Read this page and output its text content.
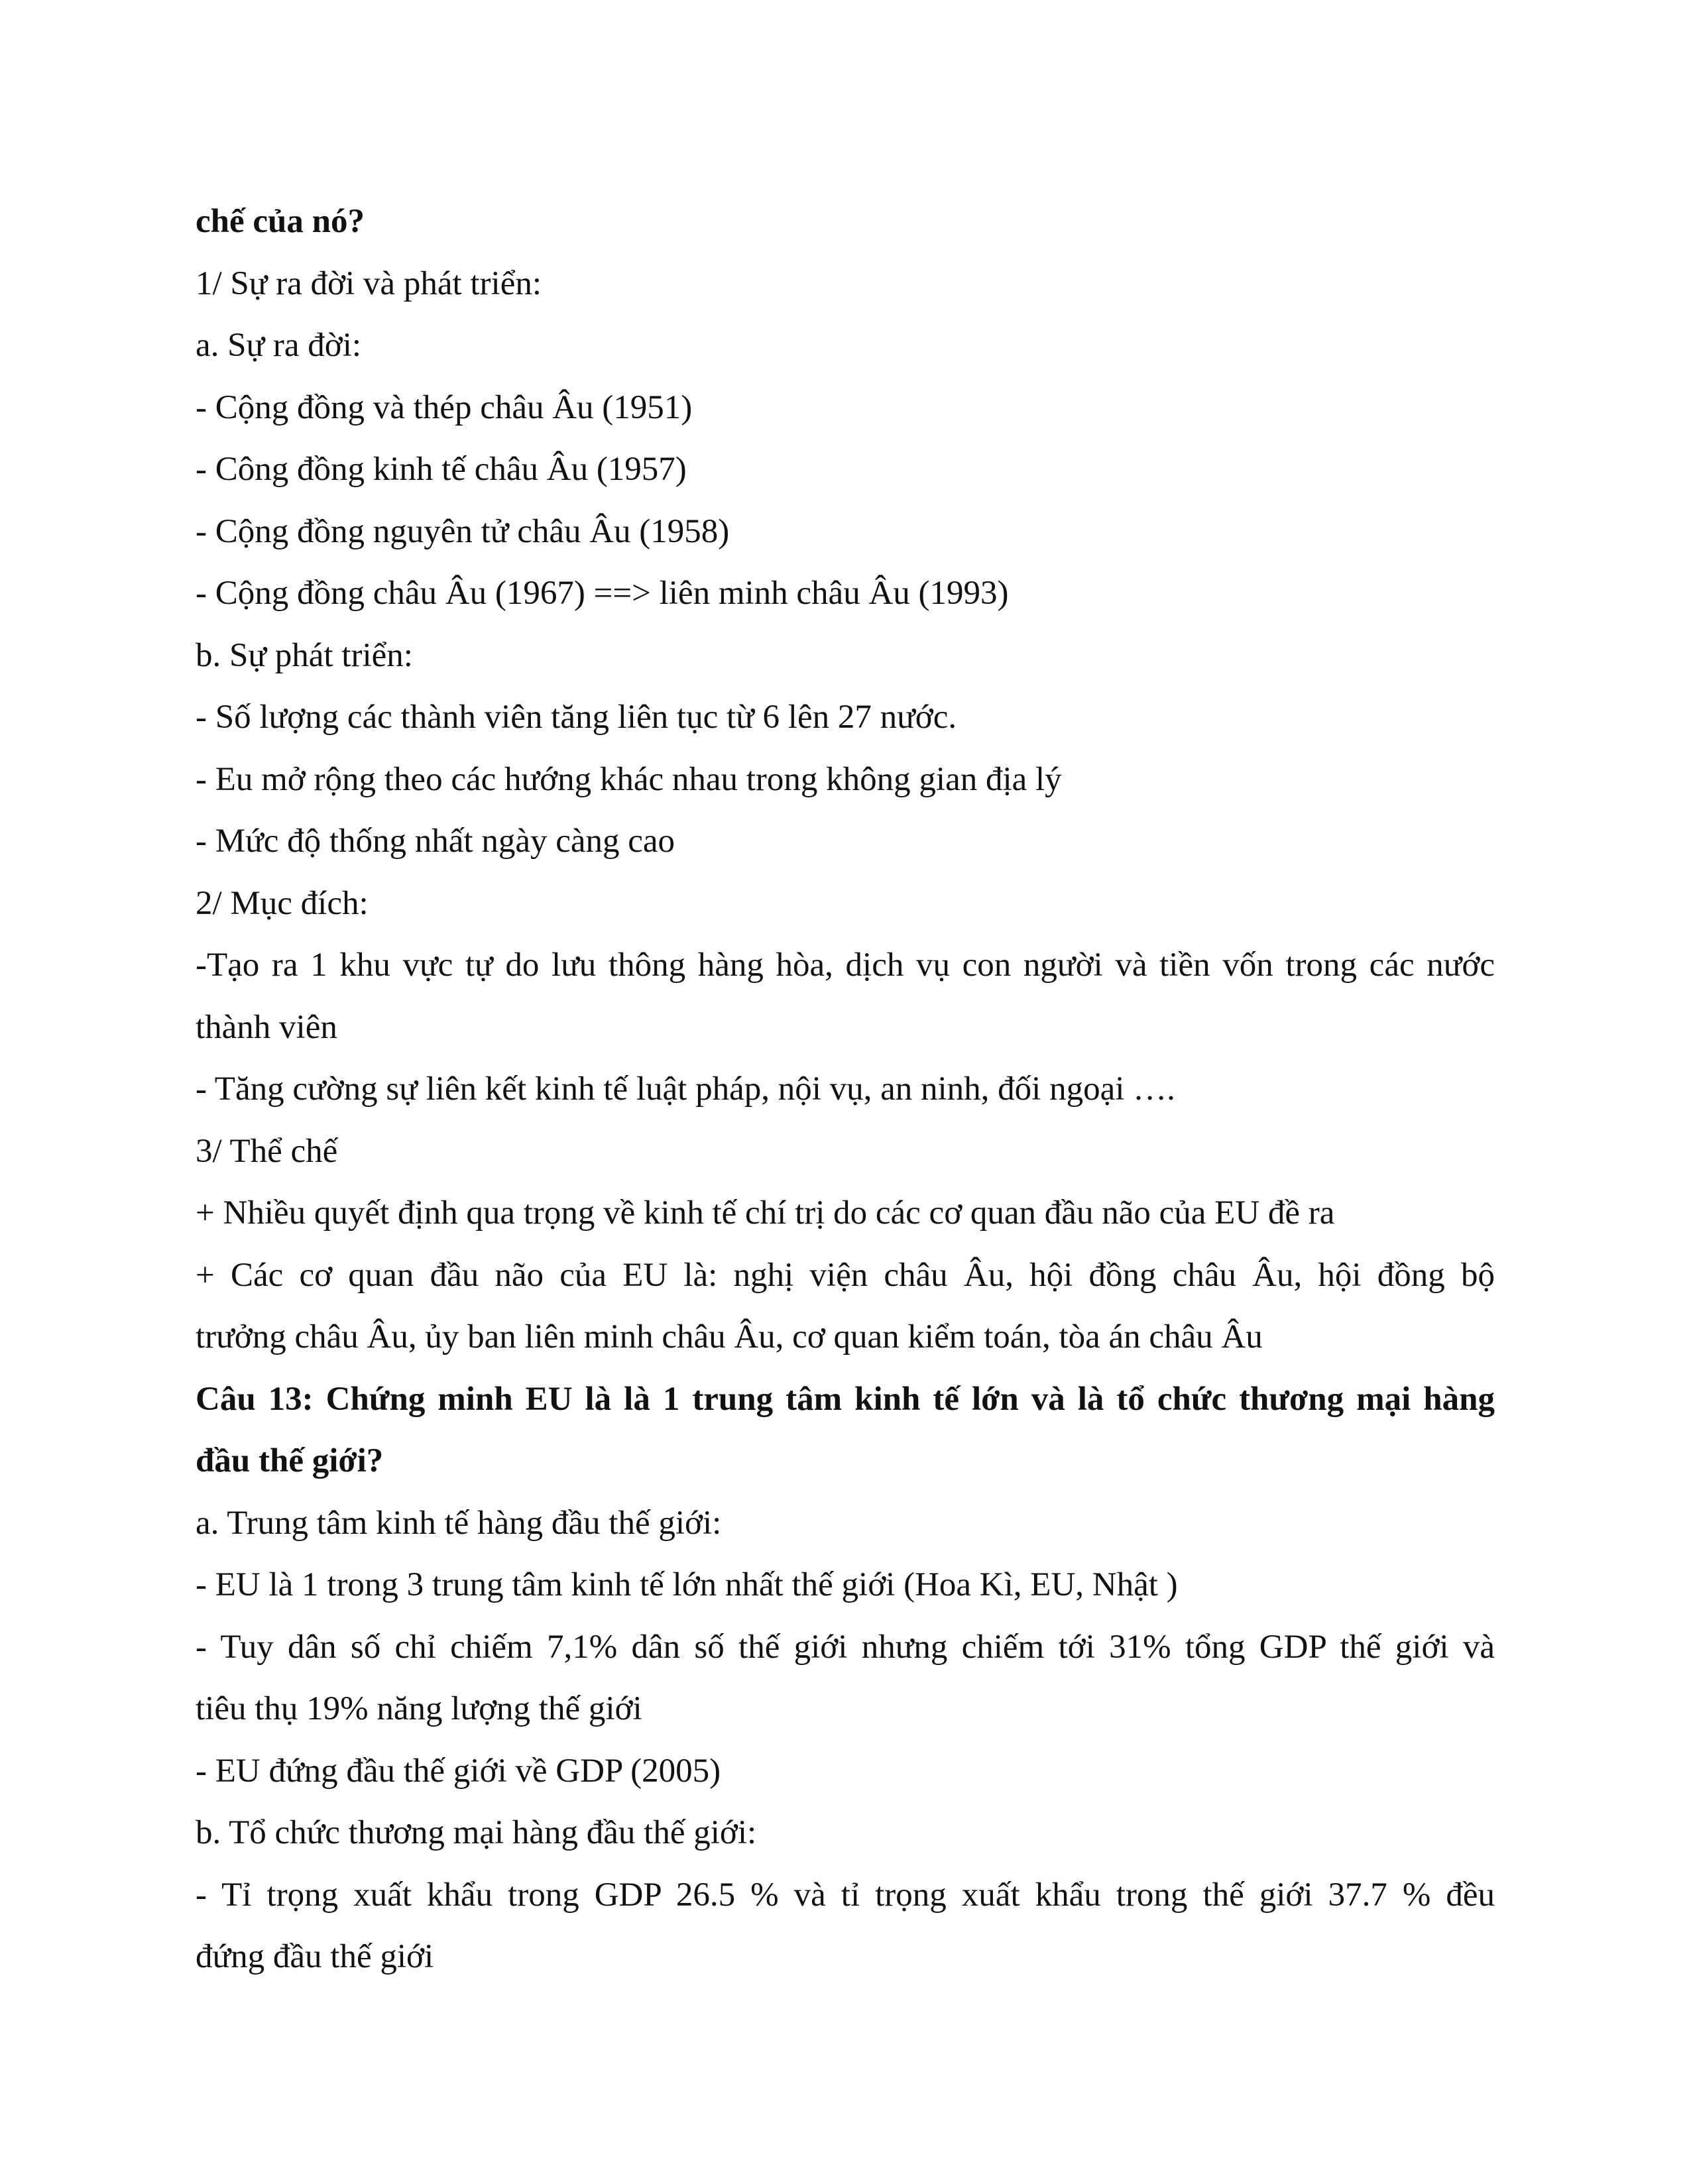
chế của nó?
1/ Sự ra đời và phát triển:
a. Sự ra đời:
- Cộng đồng và thép châu Âu (1951)
- Công đồng kinh tế châu Âu (1957)
- Cộng đồng nguyên tử châu Âu (1958)
- Cộng đồng châu Âu (1967) ==> liên minh châu Âu (1993)
b. Sự phát triển:
- Số lượng các thành viên tăng liên tục từ 6 lên 27 nước.
- Eu mở rộng theo các hướng khác nhau trong không gian địa lý
- Mức độ thống nhất ngày càng cao
2/ Mục đích:
-Tạo ra 1 khu vực tự do lưu thông hàng hòa, dịch vụ con người và tiền vốn trong các nước
thành viên
- Tăng cường sự liên kết kinh tế luật pháp, nội vụ, an ninh, đối ngoại ….
3/ Thể chế
+ Nhiều quyết định qua trọng về kinh tế chí trị do các cơ quan đầu não của EU đề ra
+ Các cơ quan đầu não của EU là: nghị viện châu Âu, hội đồng châu Âu, hội đồng bộ
trưởng châu Âu, ủy ban liên minh châu Âu, cơ quan kiểm toán, tòa án châu Âu
Câu 13: Chứng minh EU là là 1 trung tâm kinh tế lớn và là tổ chức thương mại hàng
đầu thế giới?
a. Trung tâm kinh tế hàng đầu thế giới:
- EU là 1 trong 3 trung tâm kinh tế lớn nhất thế giới (Hoa Kì, EU, Nhật )
- Tuy dân số chỉ chiếm 7,1% dân số thế giới nhưng chiếm tới 31% tổng GDP thế giới và
tiêu thụ 19% năng lượng thế giới
- EU đứng đầu thế giới về GDP (2005)
b. Tổ chức thương mại hàng đầu thế giới:
- Tỉ trọng xuất khẩu trong GDP 26.5 % và tỉ trọng xuất khẩu trong thế giới 37.7 % đều
đứng đầu thế giới
